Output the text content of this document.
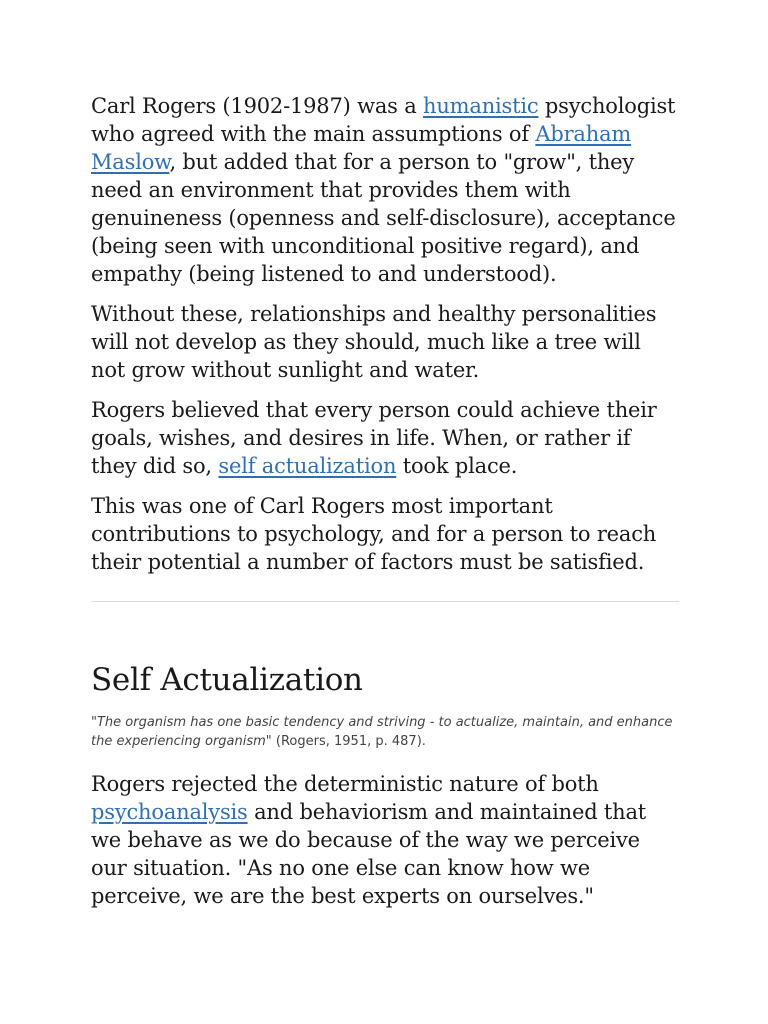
Carl Rogers (1902-1987) was a humanistic psychologist who agreed with the main assumptions of Abraham Maslow, but added that for a person to "grow", they need an environment that provides them with genuineness (openness and self-disclosure), acceptance (being seen with unconditional positive regard), and empathy (being listened to and understood).

Without these, relationships and healthy personalities will not develop as they should, much like a tree will not grow without sunlight and water.

Rogers believed that every person could achieve their goals, wishes, and desires in life. When, or rather if they did so, self actualization took place.

This was one of Carl Rogers most important contributions to psychology, and for a person to reach their potential a number of factors must be satisfied.

Self Actualization

"The organism has one basic tendency and striving - to actualize, maintain, and enhance the experiencing organism" (Rogers, 1951, p. 487).

Rogers rejected the deterministic nature of both psychoanalysis and behaviorism and maintained that we behave as we do because of the way we perceive our situation. "As no one else can know how we perceive, we are the best experts on ourselves."
